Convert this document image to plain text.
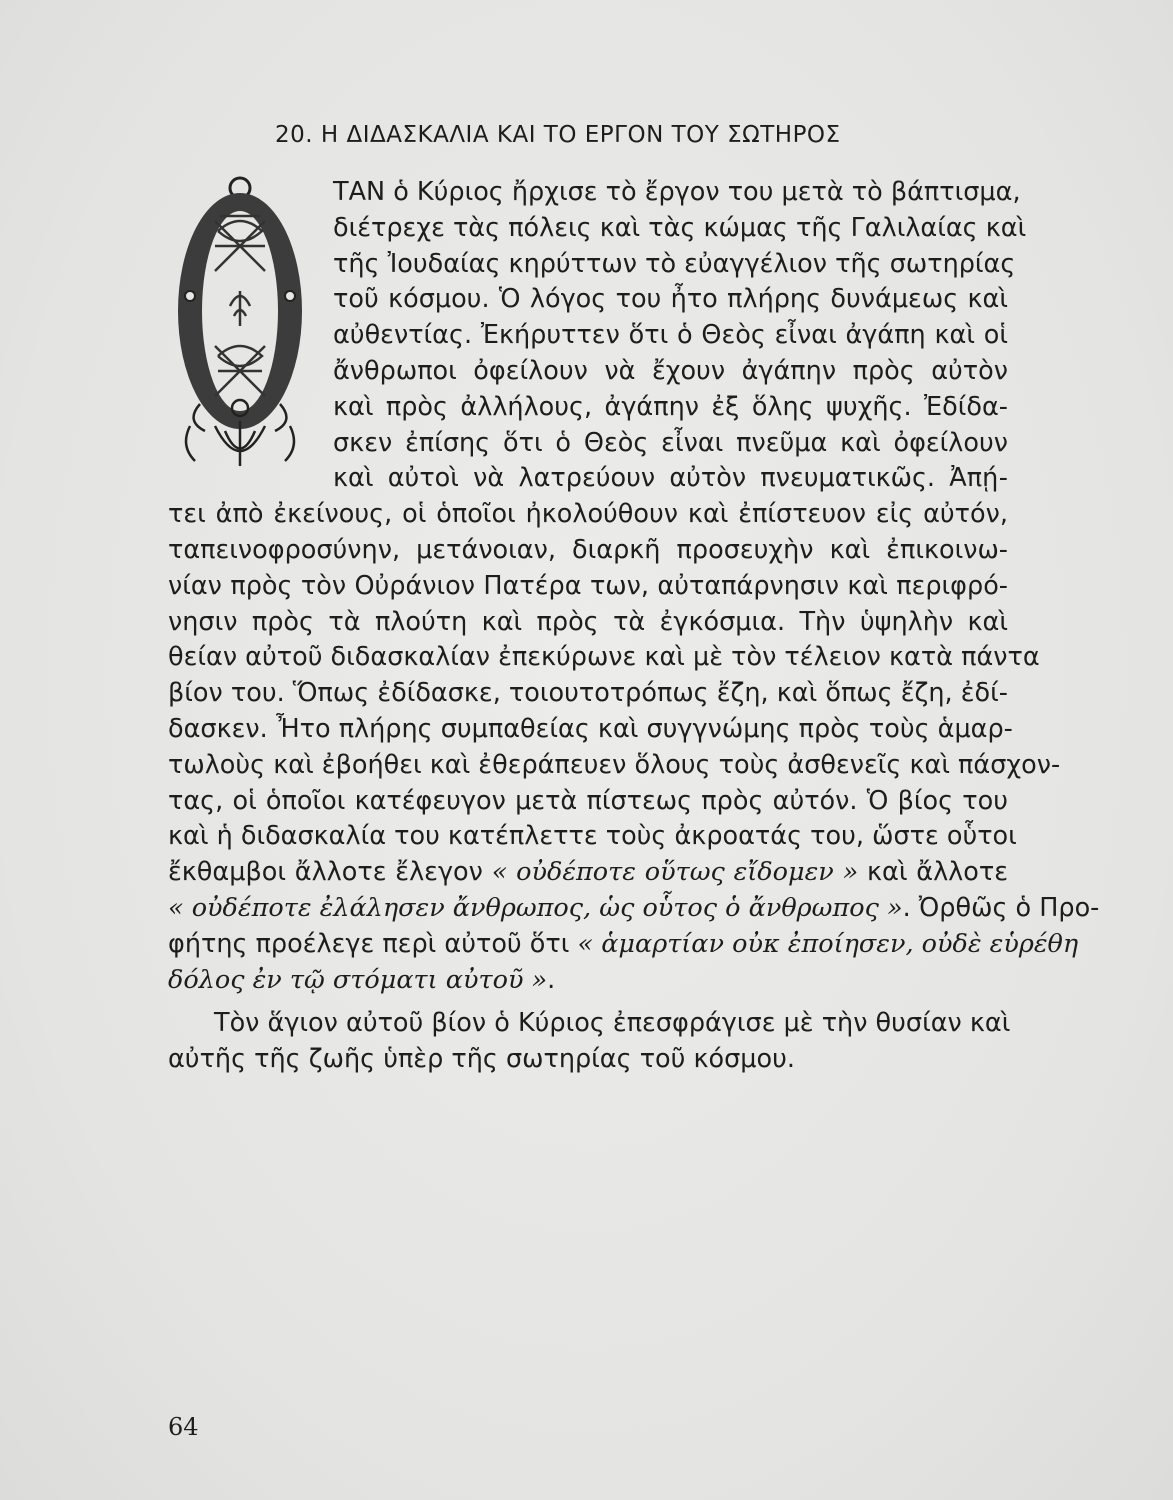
20. Η ΔΙΔΑΣΚΑΛΙΑ ΚΑΙ ΤΟ ΕΡΓΟΝ ΤΟΥ ΣΩΤΗΡΟΣ
ΤΑΝ ὁ Κύριος ἤρχισε τὸ ἔργον του μετὰ τὸ βάπτισμα,
διέτρεχε τὰς πόλεις καὶ τὰς κώμας τῆς Γαλιλαίας καὶ
τῆς Ἰουδαίας κηρύττων τὸ εὐαγγέλιον τῆς σωτηρίας
τοῦ κόσμου. Ὁ λόγος του ἦτο πλήρης δυνάμεως καὶ
αὐθεντίας. Ἐκήρυττεν ὅτι ὁ Θεὸς εἶναι ἀγάπη καὶ οἱ
ἄνθρωποι ὀφείλουν νὰ ἔχουν ἀγάπην πρὸς αὐτὸν
καὶ πρὸς ἀλλήλους, ἀγάπην ἐξ ὅλης ψυχῆς. Ἐδίδα-
σκεν ἐπίσης ὅτι ὁ Θεὸς εἶναι πνεῦμα καὶ ὀφείλουν
καὶ αὐτοὶ νὰ λατρεύουν αὐτὸν πνευματικῶς. Ἀπῄ-
τει ἀπὸ ἐκείνους, οἱ ὁποῖοι ἠκολούθουν καὶ ἐπίστευον εἰς αὐτόν,
ταπεινοφροσύνην, μετάνοιαν, διαρκῆ προσευχὴν καὶ ἐπικοινω-
νίαν πρὸς τὸν Οὐράνιον Πατέρα των, αὐταπάρνησιν καὶ περιφρό-
νησιν πρὸς τὰ πλούτη καὶ πρὸς τὰ ἐγκόσμια. Τὴν ὑψηλὴν καὶ
θείαν αὐτοῦ διδασκαλίαν ἐπεκύρωνε καὶ μὲ τὸν τέλειον κατὰ πάντα
βίον του. Ὅπως ἐδίδασκε, τοιουτοτρόπως ἔζη, καὶ ὅπως ἔζη, ἐδί-
δασκεν. Ἦτο πλήρης συμπαθείας καὶ συγγνώμης πρὸς τοὺς ἁμαρ-
τωλοὺς καὶ ἐβοήθει καὶ ἐθεράπευεν ὅλους τοὺς ἀσθενεῖς καὶ πάσχον-
τας, οἱ ὁποῖοι κατέφευγον μετὰ πίστεως πρὸς αὐτόν. Ὁ βίος του
καὶ ἡ διδασκαλία του κατέπλεττε τοὺς ἀκροατάς του, ὥστε οὗτοι
ἔκθαμβοι ἄλλοτε ἔλεγον « οὐδέποτε οὕτως εἴδομεν » καὶ ἄλλοτε
« οὐδέποτε ἐλάλησεν ἄνθρωπος, ὡς οὗτος ὁ ἄνθρωπος ». Ὀρθῶς ὁ Προ-
φήτης προέλεγε περὶ αὐτοῦ ὅτι « ἁμαρτίαν οὐκ ἐποίησεν, οὐδὲ εὑρέθη
δόλος ἐν τῷ στόματι αὐτοῦ ».
Τὸν ἅγιον αὐτοῦ βίον ὁ Κύριος ἐπεσφράγισε μὲ τὴν θυσίαν καὶ
αὐτῆς τῆς ζωῆς ὑπὲρ τῆς σωτηρίας τοῦ κόσμου.
64
